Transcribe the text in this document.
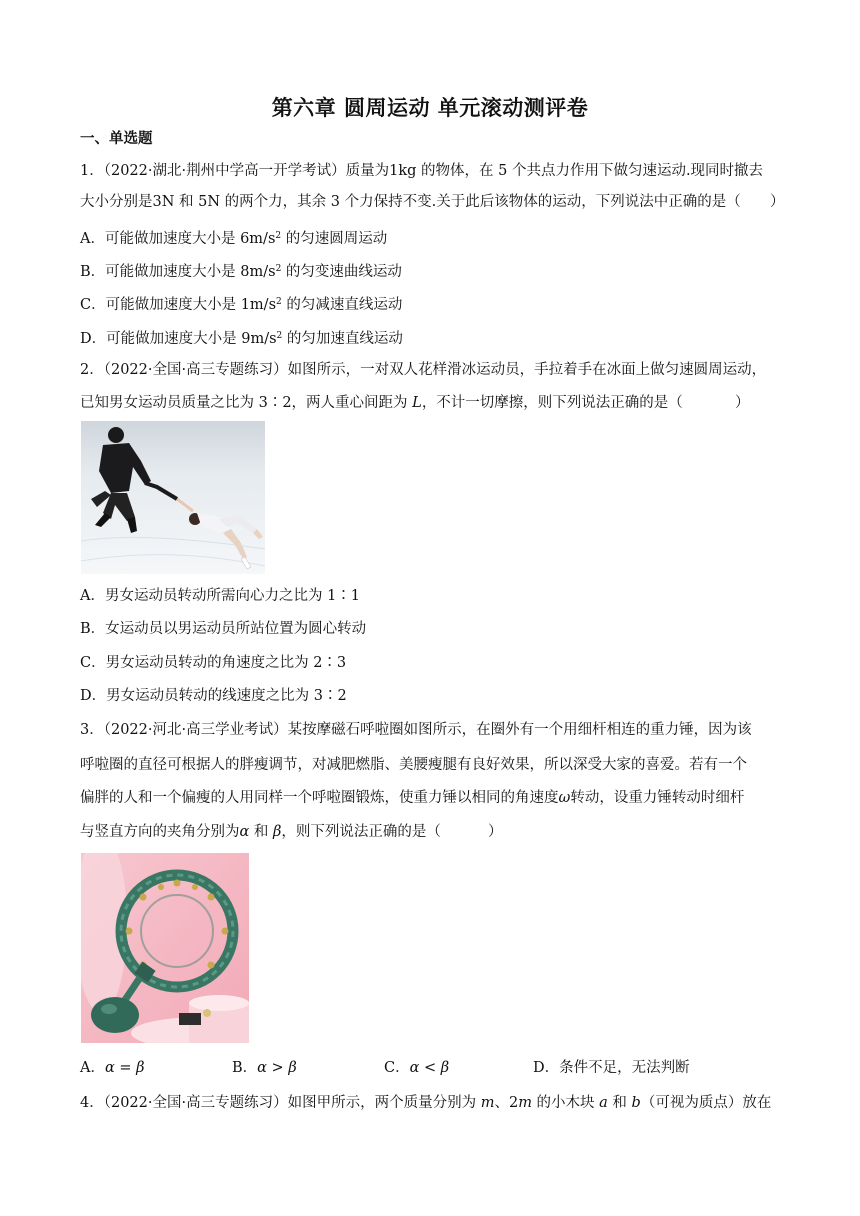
第六章 圆周运动 单元滚动测评卷
一、单选题
1．（2022·湖北·荆州中学高一开学考试）质量为1kg 的物体，在 5 个共点力作用下做匀速运动.现同时撤去
大小分别是3N 和 5N 的两个力，其余 3 个力保持不变.关于此后该物体的运动，下列说法中正确的是（ ）
A．可能做加速度大小是 $6m/s^2$ 的匀速圆周运动
B．可能做加速度大小是 $8m/s^2$ 的匀变速曲线运动
C．可能做加速度大小是 $1m/s^2$ 的匀减速直线运动
D．可能做加速度大小是 $9m/s^2$ 的匀加速直线运动
2．（2022·全国·高三专题练习）如图所示，一对双人花样滑冰运动员，手拉着手在冰面上做匀速圆周运动，
已知男女运动员质量之比为 3∶2，两人重心间距为 L，不计一切摩擦，则下列说法正确的是（	）
A．男女运动员转动所需向心力之比为 1∶1
B．女运动员以男运动员所站位置为圆心转动
C．男女运动员转动的角速度之比为 2∶3
D．男女运动员转动的线速度之比为 3∶2
3．（2022·河北·高三学业考试）某按摩磁石呼啦圈如图所示，在圈外有一个用细杆相连的重力锤，因为该
呼啦圈的直径可根据人的胖瘦调节，对减肥燃脂、美腰瘦腿有良好效果，所以深受大家的喜爱。若有一个
偏胖的人和一个偏瘦的人用同样一个呼啦圈锻炼，使重力锤以相同的角速度ω转动，设重力锤转动时细杆
与竖直方向的夹角分别为α 和 β，则下列说法正确的是（	）
A．α = β	B．α > β	C．α < β	D．条件不足，无法判断
4．（2022·全国·高三专题练习）如图甲所示，两个质量分别为 m、2m 的小木块 a 和 b（可视为质点）放在
